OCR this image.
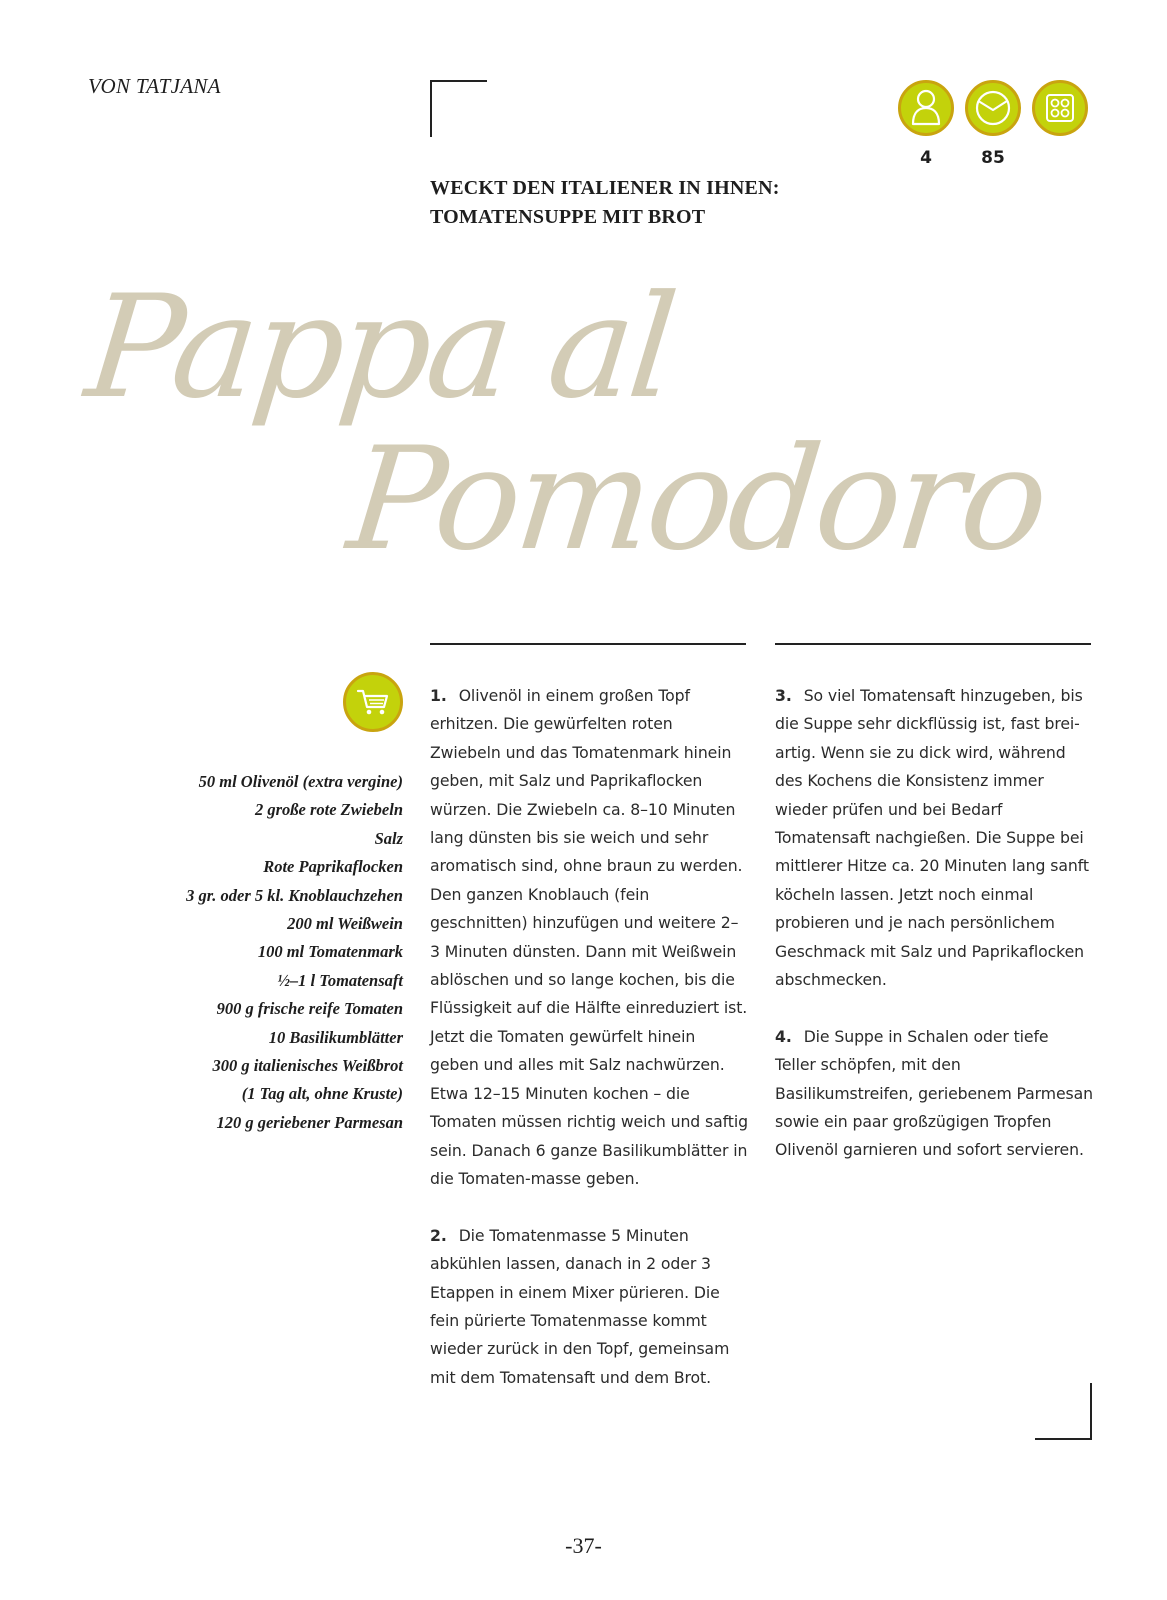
VON TATJANA
4	85
WECKT DEN ITALIENER IN IHNEN:
TOMATENSUPPE MIT BROT
Pappa al
Pomodoro
50 ml Olivenöl (extra vergine)
2 große rote Zwiebeln
Salz
Rote Paprikaflocken
3 gr. oder 5 kl. Knoblauchzehen
200 ml Weißwein
100 ml Tomatenmark
½–1 l Tomatensaft
900 g frische reife Tomaten
10 Basilikumblätter
300 g italienisches Weißbrot
(1 Tag alt, ohne Kruste)
120 g geriebener Parmesan

1. Olivenöl in einem großen Topf erhitzen. Die gewürfelten roten Zwiebeln und das Tomatenmark hinein geben, mit Salz und Paprikaflocken würzen. Die Zwiebeln ca. 8–10 Minuten lang dünsten bis sie weich und sehr aromatisch sind, ohne braun zu werden. Den ganzen Knoblauch (fein geschnitten) hinzufügen und weitere 2–3 Minuten dünsten. Dann mit Weißwein ablöschen und so lange kochen, bis die Flüssigkeit auf die Hälfte einreduziert ist. Jetzt die Tomaten gewürfelt hinein geben und alles mit Salz nachwürzen. Etwa 12–15 Minuten kochen – die Tomaten müssen richtig weich und saftig sein. Danach 6 ganze Basilikumblätter in die Tomaten-masse geben.

2. Die Tomatenmasse 5 Minuten abkühlen lassen, danach in 2 oder 3 Etappen in einem Mixer pürieren. Die fein pürierte Tomatenmasse kommt wieder zurück in den Topf, gemeinsam mit dem Tomatensaft und dem Brot.

3. So viel Tomatensaft hinzugeben, bis die Suppe sehr dickflüssig ist, fast brei-artig. Wenn sie zu dick wird, während des Kochens die Konsistenz immer wieder prüfen und bei Bedarf Tomatensaft nachgießen. Die Suppe bei mittlerer Hitze ca. 20 Minuten lang sanft köcheln lassen. Jetzt noch einmal probieren und je nach persönlichem Geschmack mit Salz und Paprikaflocken abschmecken.

4. Die Suppe in Schalen oder tiefe Teller schöpfen, mit den Basilikumstreifen, geriebenem Parmesan sowie ein paar großzügigen Tropfen Olivenöl garnieren und sofort servieren.

-37-
